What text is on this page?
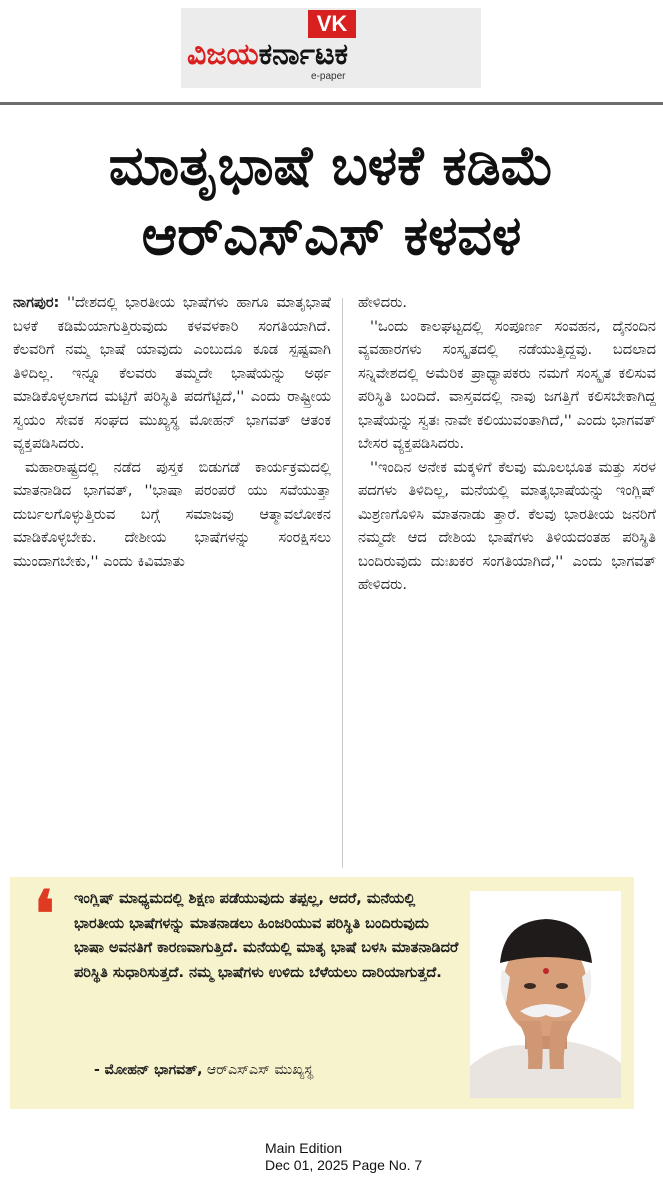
VK
ವಿಜಯಕರ್ನಾಟಕ
e-paper
ಮಾತೃಭಾಷೆ ಬಳಕೆ ಕಡಿಮೆ
ಆರ್‌ಎಸ್‌ಎಸ್ ಕಳವಳ

ನಾಗಪುರ: ''ದೇಶದಲ್ಲಿ ಭಾರತೀಯ ಭಾಷೆಗಳು ಹಾಗೂ ಮಾತೃಭಾಷೆ ಬಳಕೆ ಕಡಿಮೆಯಾಗುತ್ತಿರುವುದು ಕಳವಳಕಾರಿ ಸಂಗತಿಯಾಗಿದೆ. ಕೆಲವರಿಗೆ ನಮ್ಮ ಭಾಷೆ ಯಾವುದು ಎಂಬುದೂ ಕೂಡ ಸ್ಪಷ್ಟವಾಗಿ ತಿಳಿದಿಲ್ಲ. ಇನ್ನೂ ಕೆಲವರು ತಮ್ಮದೇ ಭಾಷೆಯನ್ನು ಅರ್ಥ ಮಾಡಿಕೊಳ್ಳಲಾಗದ ಮಟ್ಟಿಗೆ ಪರಿಸ್ಥಿತಿ ಪದಗೆಟ್ಟಿದೆ,'' ಎಂದು ರಾಷ್ಟ್ರೀಯ ಸ್ವಯಂ ಸೇವಕ ಸಂಘದ ಮುಖ್ಯಸ್ಥ ಮೋಹನ್ ಭಾಗವತ್ ಆತಂಕ ವ್ಯಕ್ತಪಡಿಸಿದರು.

ಮಹಾರಾಷ್ಟ್ರದಲ್ಲಿ ನಡೆದ ಪುಸ್ತಕ ಬಿಡುಗಡೆ ಕಾರ್ಯಕ್ರಮದಲ್ಲಿ ಮಾತನಾಡಿದ ಭಾಗವತ್, ''ಭಾಷಾ ಪರಂಪರೆ ಯು ಸವೆಯುತ್ತಾ ದುರ್ಬಲಗೊಳ್ಳುತ್ತಿರುವ ಬಗ್ಗೆ ಸಮಾಜವು ಆತ್ಮಾವಲೋಕನ ಮಾಡಿಕೊಳ್ಳಬೇಕು. ದೇಶೀಯ ಭಾಷೆಗಳನ್ನು ಸಂರಕ್ಷಿಸಲು ಮುಂದಾಗಬೇಕು,'' ಎಂದು ಕಿವಿಮಾತು

ಹೇಳಿದರು.

''ಒಂದು ಕಾಲಘಟ್ಟದಲ್ಲಿ ಸಂಪೂರ್ಣ ಸಂವಹನ, ದೈನಂದಿನ ವ್ಯವಹಾರಗಳು ಸಂಸ್ಕೃತದಲ್ಲಿ ನಡೆಯುತ್ತಿದ್ದವು. ಬದಲಾದ ಸನ್ನಿವೇಶದಲ್ಲಿ ಅಮೆರಿಕ ಪ್ರಾಧ್ಯಾಪಕರು ನಮಗೆ ಸಂಸ್ಕೃತ ಕಲಿಸುವ ಪರಿಸ್ಥಿತಿ ಬಂದಿದೆ. ವಾಸ್ತವದಲ್ಲಿ ನಾವು ಜಗತ್ತಿಗೆ ಕಲಿಸಬೇಕಾಗಿದ್ದ ಭಾಷೆಯನ್ನು ಸ್ವತಃ ನಾವೇ ಕಲಿಯುವಂತಾಗಿದೆ,'' ಎಂದು ಭಾಗವತ್ ಬೇಸರ ವ್ಯಕ್ತಪಡಿಸಿದರು.

''ಇಂದಿನ ಅನೇಕ ಮಕ್ಕಳಿಗೆ ಕೆಲವು ಮೂಲಭೂತ ಮತ್ತು ಸರಳ ಪದಗಳು ತಿಳಿದಿಲ್ಲ, ಮನೆಯಲ್ಲಿ ಮಾತೃಭಾಷೆಯನ್ನು ಇಂಗ್ಲಿಷ್ ಮಿಶ್ರಣಗೊಳಿಸಿ ಮಾತನಾಡು ತ್ತಾರೆ. ಕೆಲವು ಭಾರತೀಯ ಜನರಿಗೆ ನಮ್ಮದೇ ಆದ ದೇಶಿಯ ಭಾಷೆಗಳು ತಿಳಿಯದಂತಹ ಪರಿಸ್ಥಿತಿ ಬಂದಿರುವುದು ದುಃಖಕರ ಸಂಗತಿಯಾಗಿದೆ,'' ಎಂದು ಭಾಗವತ್ ಹೇಳಿದರು.

❛ ಇಂಗ್ಲಿಷ್ ಮಾಧ್ಯಮದಲ್ಲಿ ಶಿಕ್ಷಣ ಪಡೆಯುವುದು ತಪ್ಪಲ್ಲ, ಆದರೆ, ಮನೆಯಲ್ಲಿ ಭಾರತೀಯ ಭಾಷೆಗಳನ್ನು ಮಾತನಾಡಲು ಹಿಂಜರಿಯುವ ಪರಿಸ್ಥಿತಿ ಬಂದಿರುವುದು ಭಾಷಾ ಅವನತಿಗೆ ಕಾರಣವಾಗುತ್ತಿದೆ. ಮನೆಯಲ್ಲಿ ಮಾತೃ ಭಾಷೆ ಬಳಸಿ ಮಾತನಾಡಿದರೆ ಪರಿಸ್ಥಿತಿ ಸುಧಾರಿಸುತ್ತದೆ. ನಮ್ಮ ಭಾಷೆಗಳು ಉಳಿದು ಬೆಳೆಯಲು ದಾರಿಯಾಗುತ್ತದೆ.
- ಮೋಹನ್ ಭಾಗವತ್, ಆರ್‌ಎಸ್‌ಎಸ್ ಮುಖ್ಯಸ್ಥ
Main Edition
Dec 01, 2025 Page No. 7
